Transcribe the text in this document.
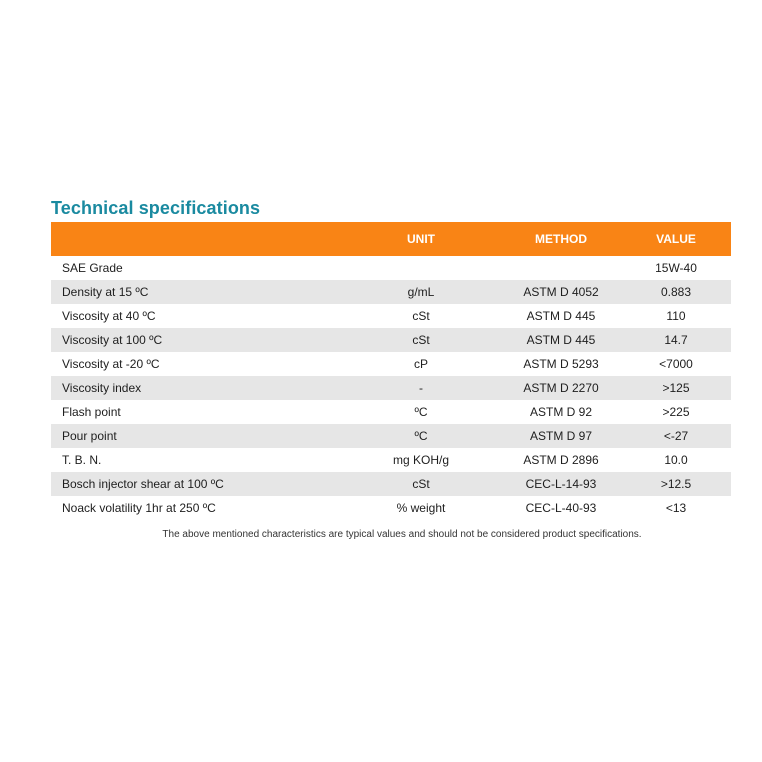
Technical specifications
	UNIT	METHOD	VALUE
SAE Grade			15W-40
Density at 15 ºC	g/mL	ASTM D 4052	0.883
Viscosity at 40 ºC	cSt	ASTM D 445	110
Viscosity at 100 ºC	cSt	ASTM D 445	14.7
Viscosity at -20 ºC	cP	ASTM D 5293	<7000
Viscosity index	-	ASTM D 2270	>125
Flash point	ºC	ASTM D 92	>225
Pour point	ºC	ASTM D 97	<-27
T. B. N.	mg KOH/g	ASTM D 2896	10.0
Bosch injector shear at 100 ºC	cSt	CEC-L-14-93	>12.5
Noack volatility 1hr at 250 ºC	% weight	CEC-L-40-93	<13
The above mentioned characteristics are typical values and should not be considered product specifications.
